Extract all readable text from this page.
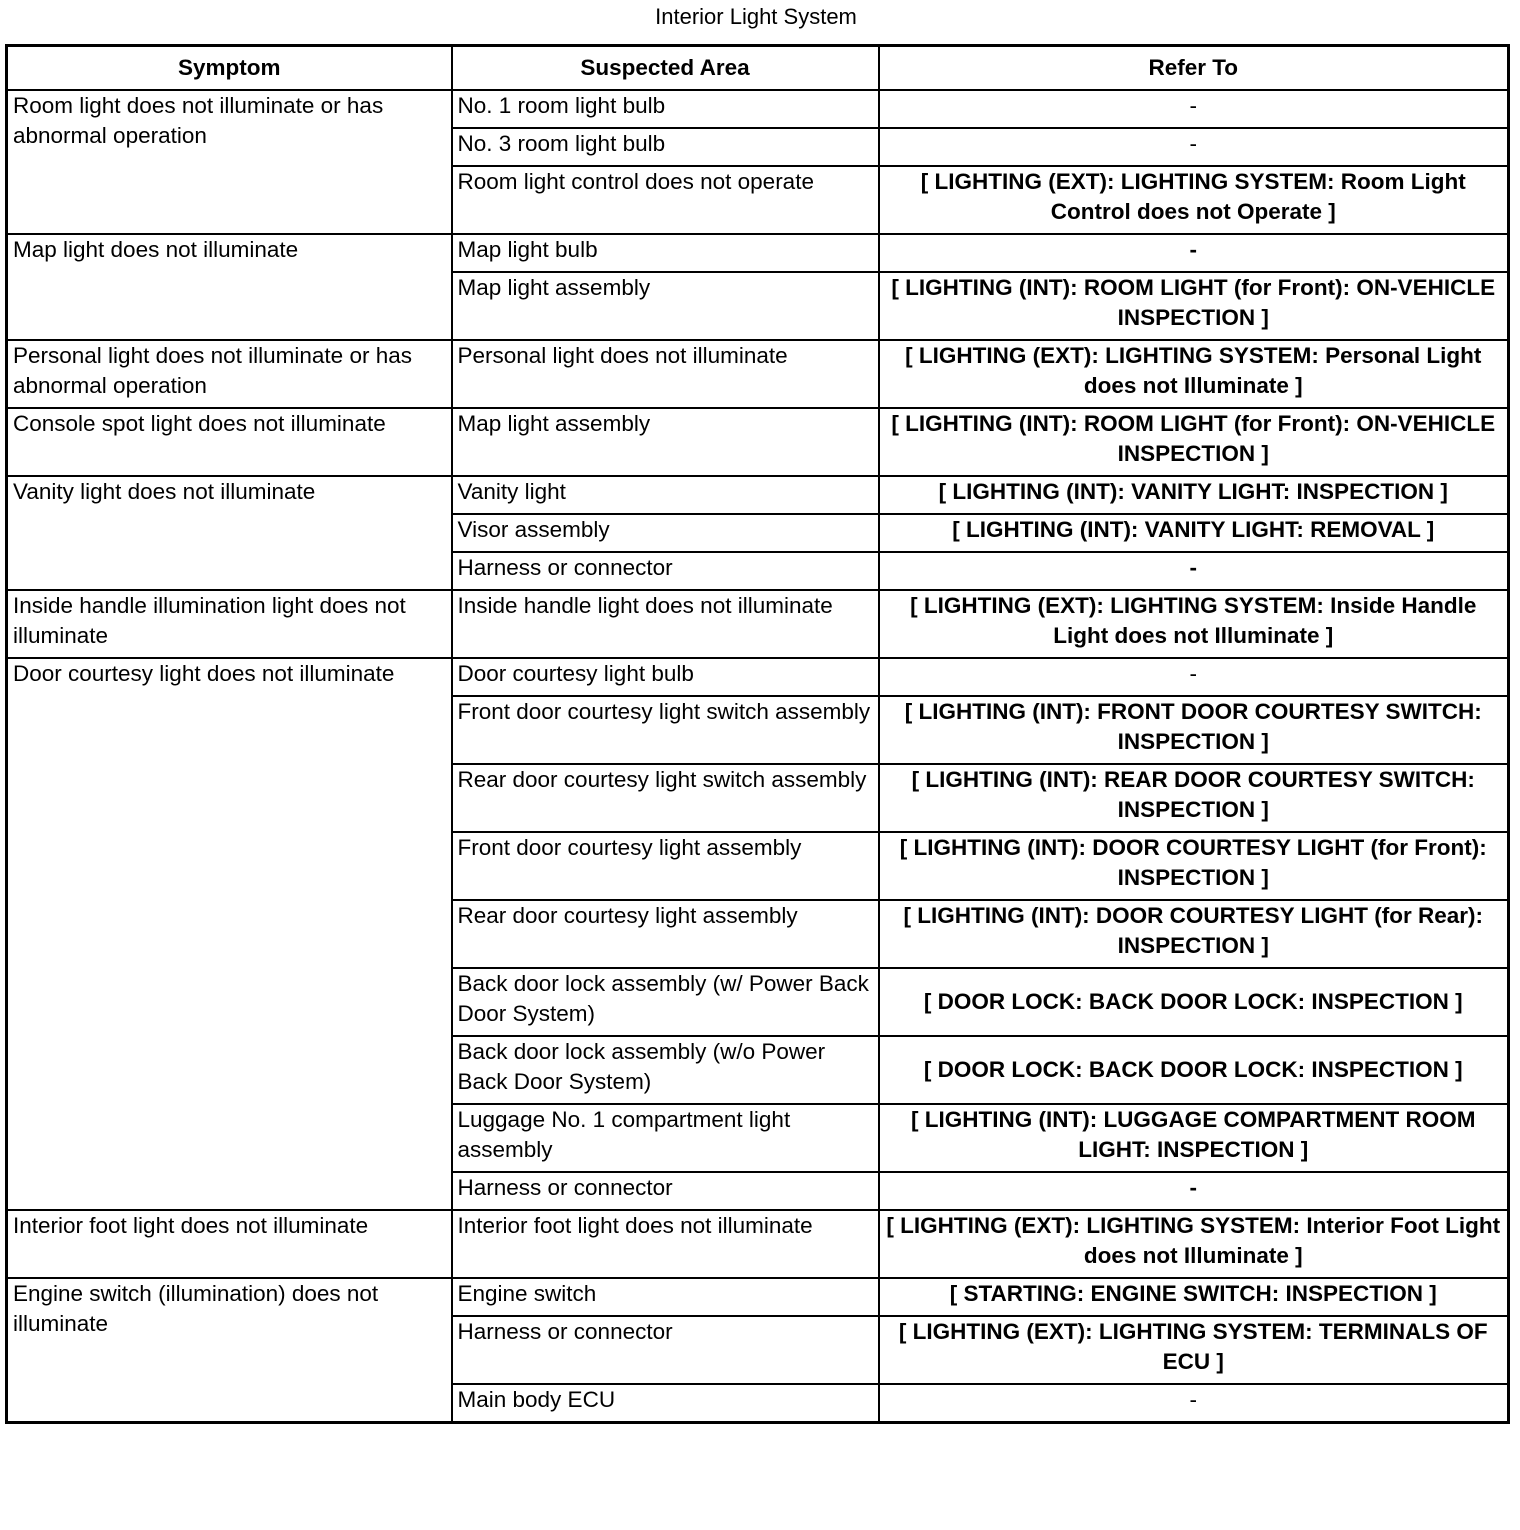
Interior Light System
Symptom	Suspected Area	Refer To
Room light does not illuminate or has abnormal operation	No. 1 room light bulb	-
	No. 3 room light bulb	-
	Room light control does not operate	[ LIGHTING (EXT): LIGHTING SYSTEM: Room Light Control does not Operate ]
Map light does not illuminate	Map light bulb	-
	Map light assembly	[ LIGHTING (INT): ROOM LIGHT (for Front): ON-VEHICLE INSPECTION ]
Personal light does not illuminate or has abnormal operation	Personal light does not illuminate	[ LIGHTING (EXT): LIGHTING SYSTEM: Personal Light does not Illuminate ]
Console spot light does not illuminate	Map light assembly	[ LIGHTING (INT): ROOM LIGHT (for Front): ON-VEHICLE INSPECTION ]
Vanity light does not illuminate	Vanity light	[ LIGHTING (INT): VANITY LIGHT: INSPECTION ]
	Visor assembly	[ LIGHTING (INT): VANITY LIGHT: REMOVAL ]
	Harness or connector	-
Inside handle illumination light does not illuminate	Inside handle light does not illuminate	[ LIGHTING (EXT): LIGHTING SYSTEM: Inside Handle Light does not Illuminate ]
Door courtesy light does not illuminate	Door courtesy light bulb	-
	Front door courtesy light switch assembly	[ LIGHTING (INT): FRONT DOOR COURTESY SWITCH: INSPECTION ]
	Rear door courtesy light switch assembly	[ LIGHTING (INT): REAR DOOR COURTESY SWITCH: INSPECTION ]
	Front door courtesy light assembly	[ LIGHTING (INT): DOOR COURTESY LIGHT (for Front): INSPECTION ]
	Rear door courtesy light assembly	[ LIGHTING (INT): DOOR COURTESY LIGHT (for Rear): INSPECTION ]
	Back door lock assembly (w/ Power Back Door System)	[ DOOR LOCK: BACK DOOR LOCK: INSPECTION ]
	Back door lock assembly (w/o Power Back Door System)	[ DOOR LOCK: BACK DOOR LOCK: INSPECTION ]
	Luggage No. 1 compartment light assembly	[ LIGHTING (INT): LUGGAGE COMPARTMENT ROOM LIGHT: INSPECTION ]
	Harness or connector	-
Interior foot light does not illuminate	Interior foot light does not illuminate	[ LIGHTING (EXT): LIGHTING SYSTEM: Interior Foot Light does not Illuminate ]
Engine switch (illumination) does not illuminate	Engine switch	[ STARTING: ENGINE SWITCH: INSPECTION ]
	Harness or connector	[ LIGHTING (EXT): LIGHTING SYSTEM: TERMINALS OF ECU ]
	Main body ECU	-
